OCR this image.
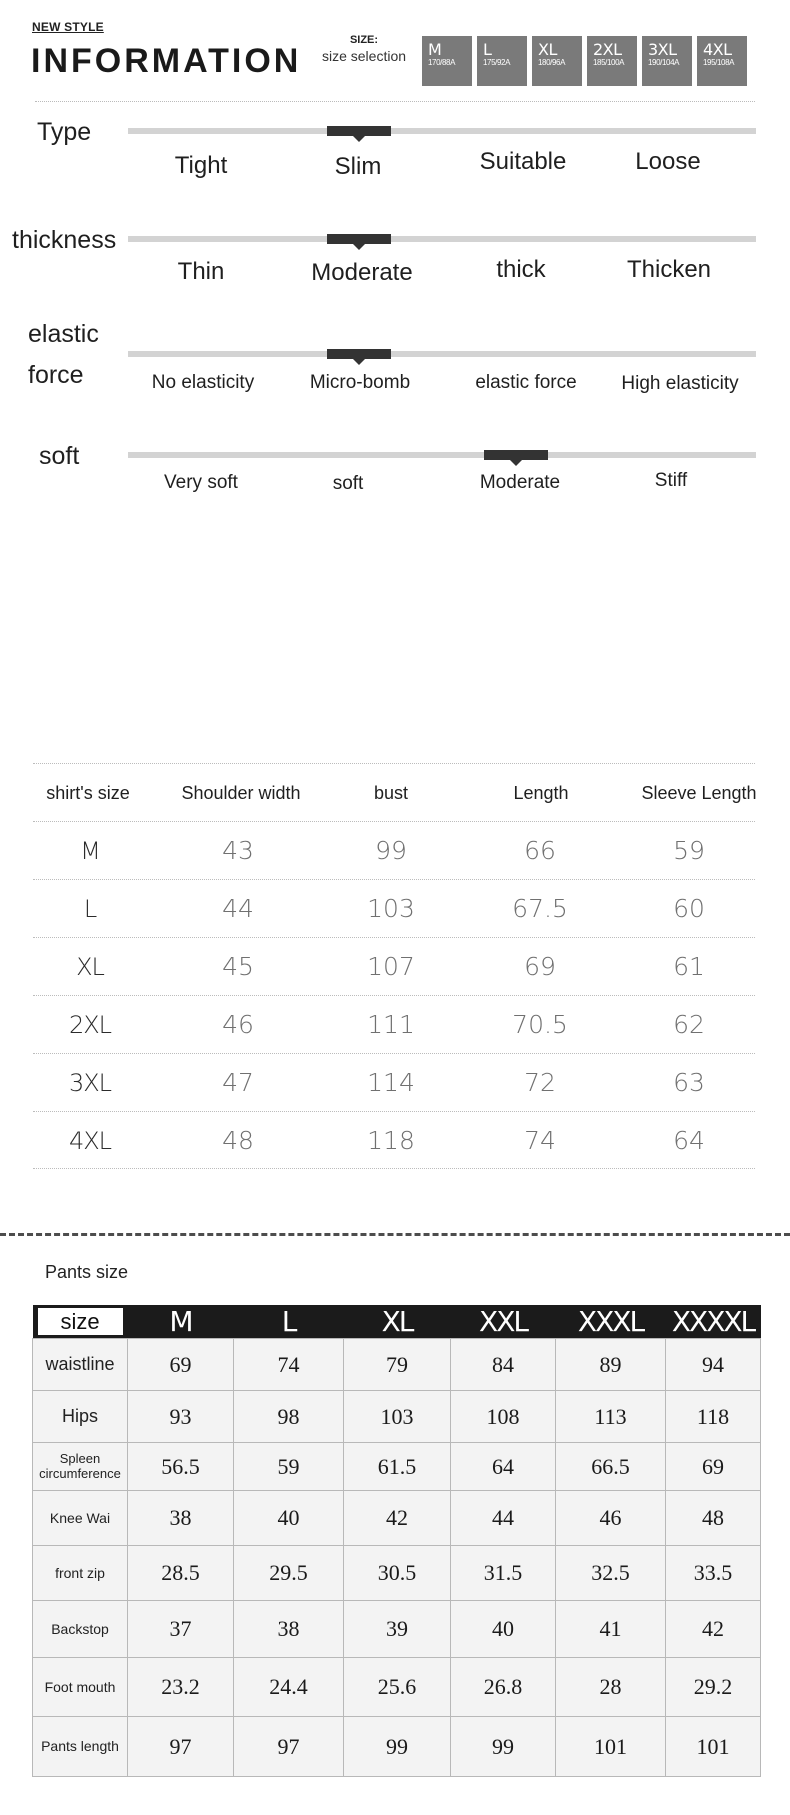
NEW STYLE
INFORMATION
SIZE:
size selection	M
170/88A
L
175/92A
XL
180/96A
2XL
185/100A
3XL
190/104A
4XL
195/108A
Type
Tight	Slim	Suitable	Loose
thickness
Thin	Moderate	thick	Thicken
elastic
force	No elasticity	Micro-bomb	elastic force High elasticity
soft
Very soft	soft	Moderate	Stiff
shirt's size	Shoulder width	bust	Length	Sleeve Length
M	43	99	66	59
L	44	103	67.5	60
XL	45	107	69	61
2XL	46	111	70.5	62
3XL	47	114	72	63
4XL	48	118	74	64
Pants size
size	M	L	XL	XXL	XXXL	XXXXL
waistline	69	74	79	84	89	94
Hips	93	98	103	108	113	118
Spleen circumference	56.5	59	61.5	64	66.5	69
Knee Wai	38	40	42	44	46	48
front zip	28.5	29.5	30.5	31.5	32.5	33.5
Backstop	37	38	39	40	41	42
Foot mouth	23.2	24.4	25.6	26.8	28	29.2
Pants length	97	97	99	99	101	101
